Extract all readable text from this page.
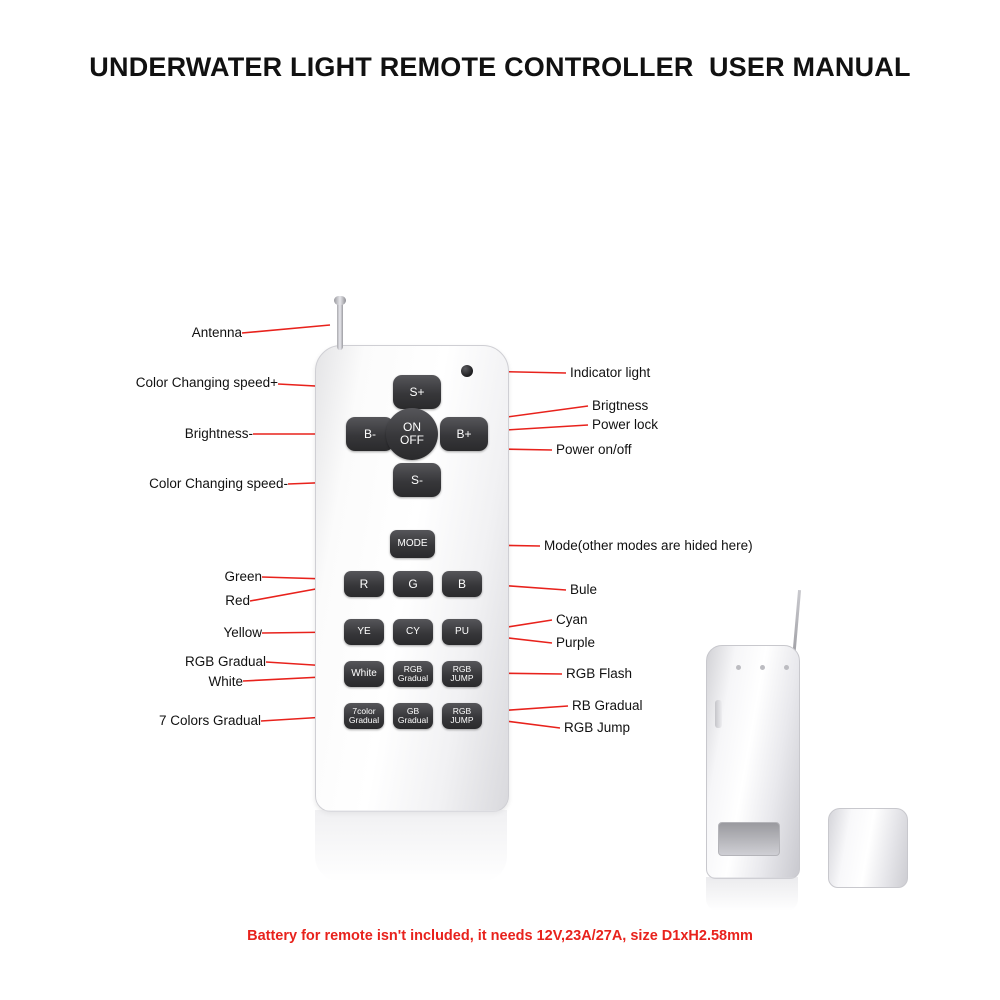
UNDERWATER LIGHT REMOTE CONTROLLER  USER MANUAL
S+
B-	B+
S-
ON
OFF
MODE
R	G	B
YE	CY	PU
White	RGB
Gradual
RGB
JUMP
7color
Gradual
GB
Gradual
RGB
JUMP
Antenna
Color Changing speed+
Brightness-
Color Changing speed-
Green
Red
Yellow
RGB Gradual
White
7 Colors Gradual
Indicator light
Brigtness
Power lock
Power on/off
Mode(other modes are hided here)
Bule
Cyan
Purple
RGB Flash
RB Gradual
RGB Jump
Battery for remote isn't included, it needs 12V,23A/27A, size D1xH2.58mm
